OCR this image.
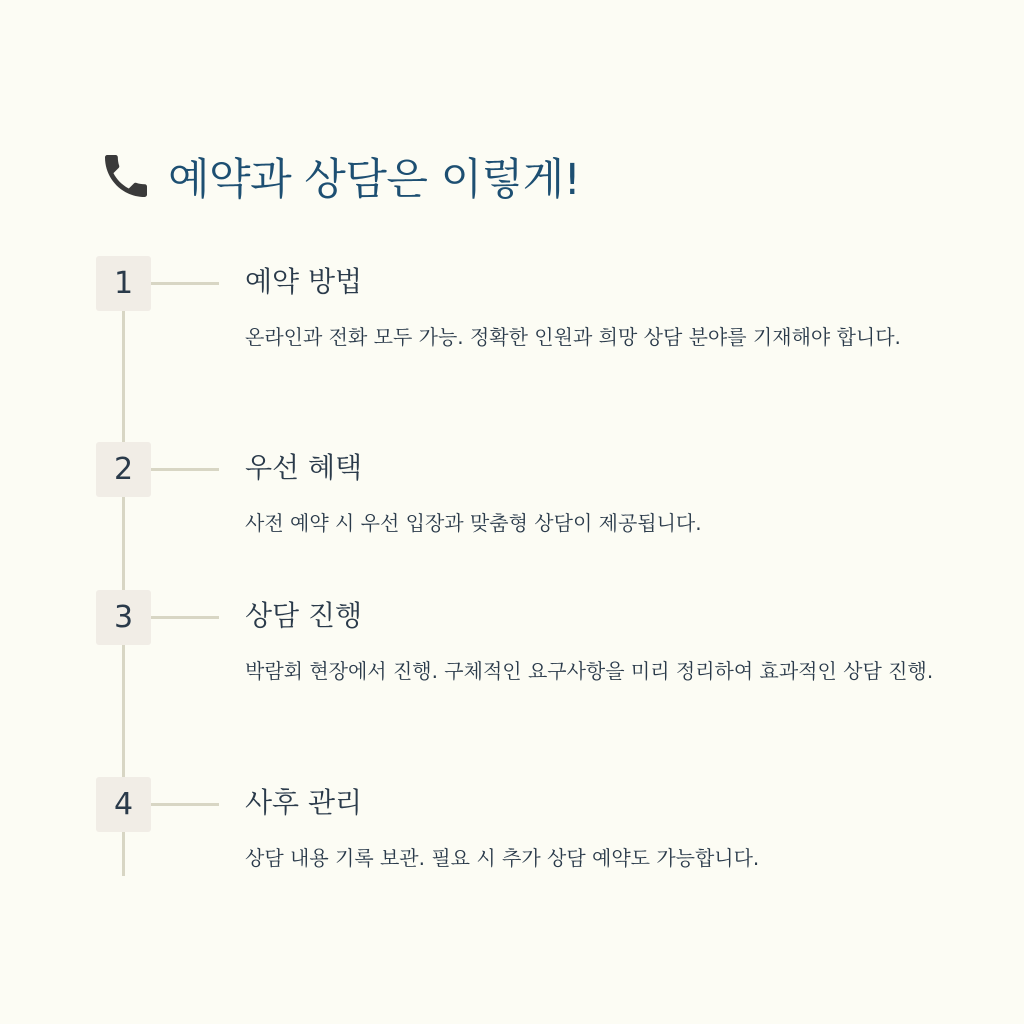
예약과 상담은 이렇게!
1	예약 방법

온라인과 전화 모두 가능. 정확한 인원과 희망 상담 분야를 기재해야 합니다.

2	우선 혜택

사전 예약 시 우선 입장과 맞춤형 상담이 제공됩니다.

3	상담 진행

박람회 현장에서 진행. 구체적인 요구사항을 미리 정리하여 효과적인 상담 진행.

4	사후 관리

상담 내용 기록 보관. 필요 시 추가 상담 예약도 가능합니다.
